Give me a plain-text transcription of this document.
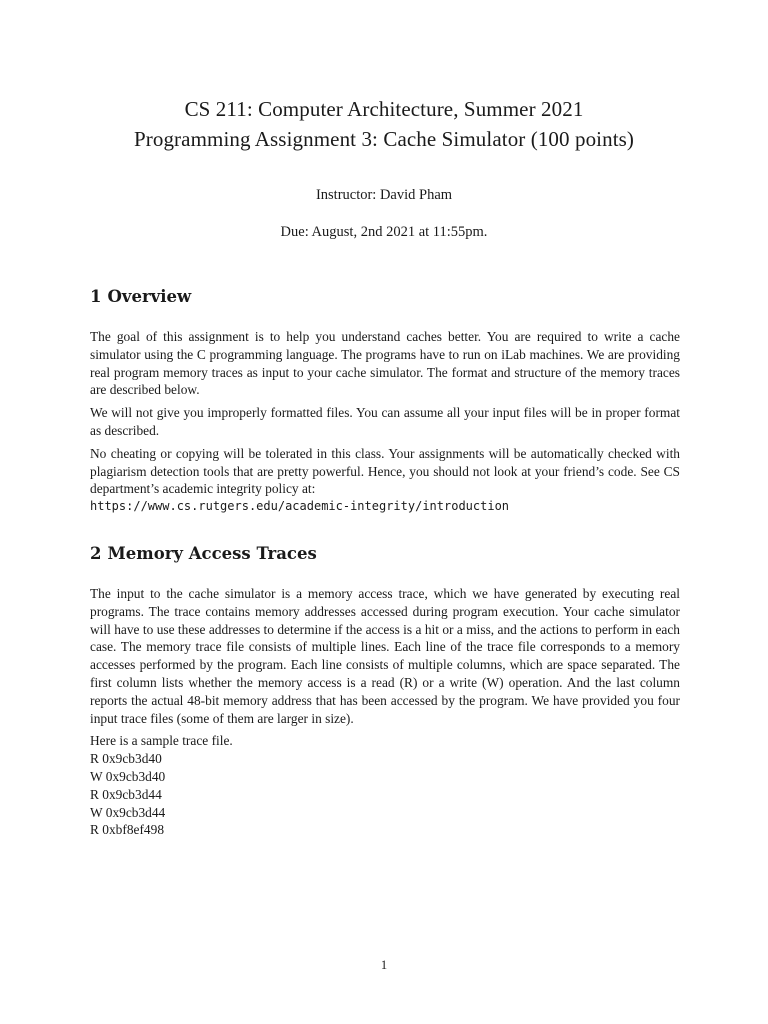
CS 211: Computer Architecture, Summer 2021
Programming Assignment 3: Cache Simulator (100 points)
Instructor: David Pham
Due: August, 2nd 2021 at 11:55pm.
1 Overview

The goal of this assignment is to help you understand caches better. You are required to write a cache simulator using the C programming language. The programs have to run on iLab machines. We are providing real program memory traces as input to your cache simulator. The format and structure of the memory traces are described below.

We will not give you improperly formatted files. You can assume all your input files will be in proper format as described.

No cheating or copying will be tolerated in this class. Your assignments will be automatically checked with plagiarism detection tools that are pretty powerful. Hence, you should not look at your friend’s code. See CS department’s academic integrity policy at:
https://www.cs.rutgers.edu/academic-integrity/introduction

2 Memory Access Traces

The input to the cache simulator is a memory access trace, which we have generated by executing real programs. The trace contains memory addresses accessed during program execution. Your cache simulator will have to use these addresses to determine if the access is a hit or a miss, and the actions to perform in each case. The memory trace file consists of multiple lines. Each line of the trace file corresponds to a memory accesses performed by the program. Each line consists of multiple columns, which are space separated. The first column lists whether the memory access is a read (R) or a write (W) operation. And the last column reports the actual 48-bit memory address that has been accessed by the program. We have provided you four input trace files (some of them are larger in size).

Here is a sample trace file.

R 0x9cb3d40
W 0x9cb3d40
R 0x9cb3d44
W 0x9cb3d44
R 0xbf8ef498
1
